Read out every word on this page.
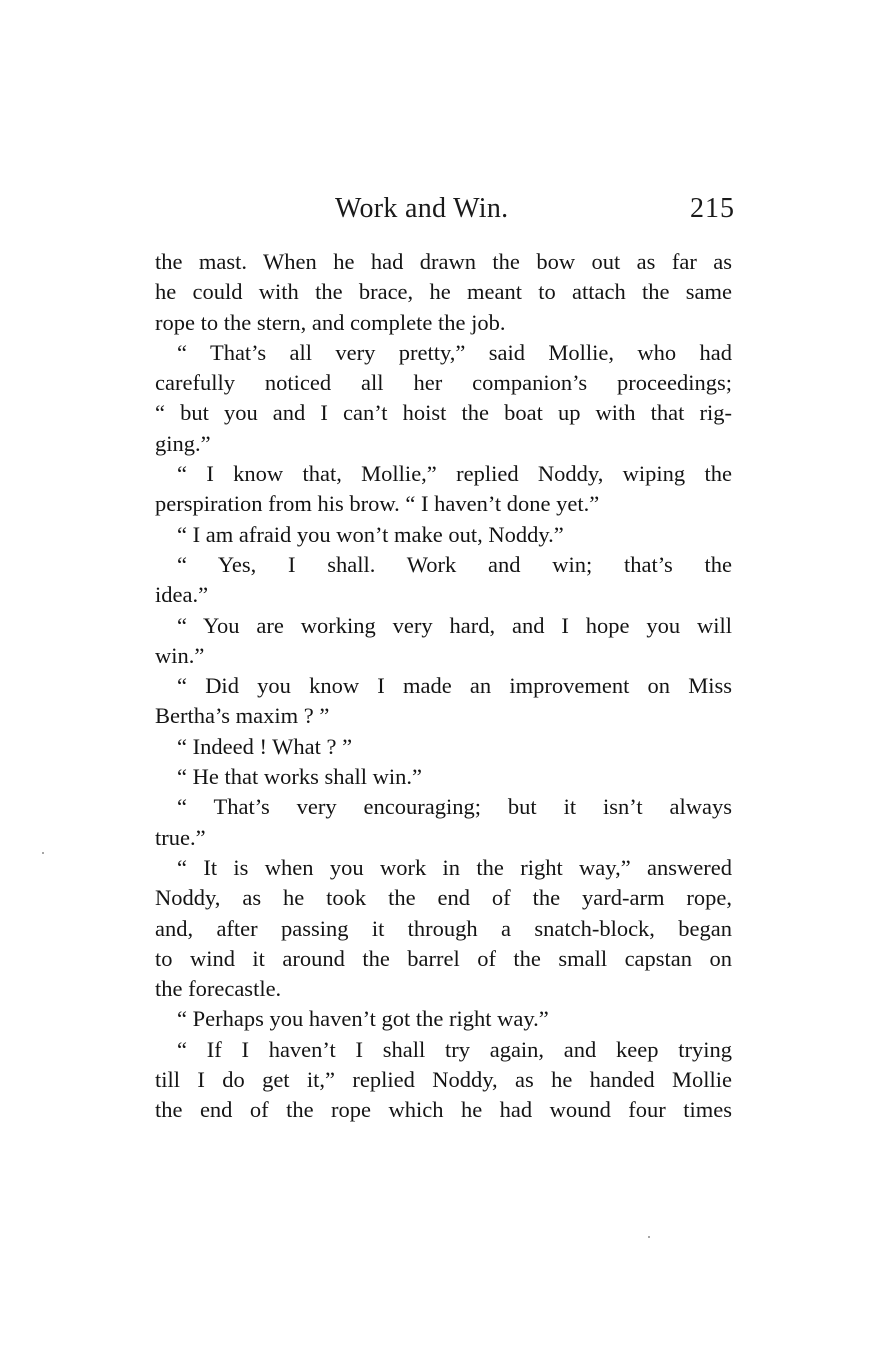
Work and Win.	215
the mast. When he had drawn the bow out as far as
he could with the brace, he meant to attach the same
rope to the stern, and complete the job.
“ That’s all very pretty,” said Mollie, who had
carefully noticed all her companion’s proceedings;
“ but you and I can’t hoist the boat up with that rig-
ging.”
“ I know that, Mollie,” replied Noddy, wiping the
perspiration from his brow. “ I haven’t done yet.”
“ I am afraid you won’t make out, Noddy.”
“ Yes, I shall. Work and win; that’s the
idea.”
“ You are working very hard, and I hope you will
win.”
“ Did you know I made an improvement on Miss
Bertha’s maxim ? ”
“ Indeed ! What ? ”
“ He that works shall win.”
“ That’s very encouraging; but it isn’t always
true.”
“ It is when you work in the right way,” answered
Noddy, as he took the end of the yard-arm rope,
and, after passing it through a snatch-block, began
to wind it around the barrel of the small capstan on
the forecastle.
“ Perhaps you haven’t got the right way.”
“ If I haven’t I shall try again, and keep trying
till I do get it,” replied Noddy, as he handed Mollie
the end of the rope which he had wound four times
